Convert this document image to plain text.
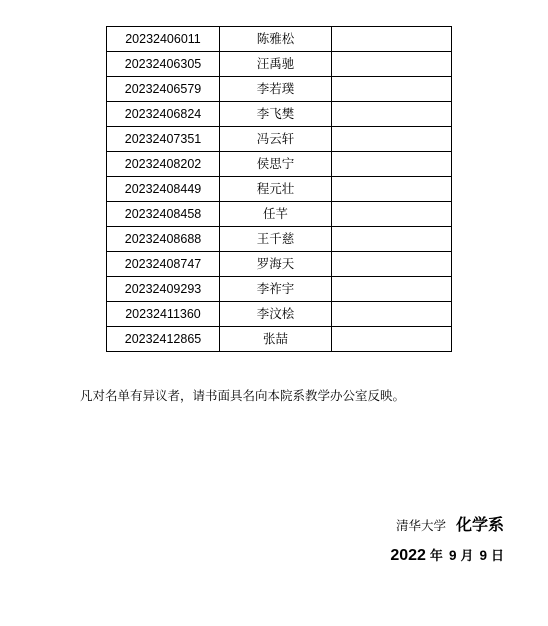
20232406011	陈雅松	
20232406305	汪禹驰	
20232406579	李若璞	
20232406824	李飞樊	
20232407351	冯云轩	
20232408202	侯思宁	
20232408449	程元壮	
20232408458	任芊	
20232408688	王千慈	
20232408747	罗海天	
20232409293	李祚宇	
20232411360	李汶桧	
20232412865	张喆	
凡对名单有异议者，请书面具名向本院系教学办公室反映。
清华大学 化学系
2022 年 9 月 9 日
